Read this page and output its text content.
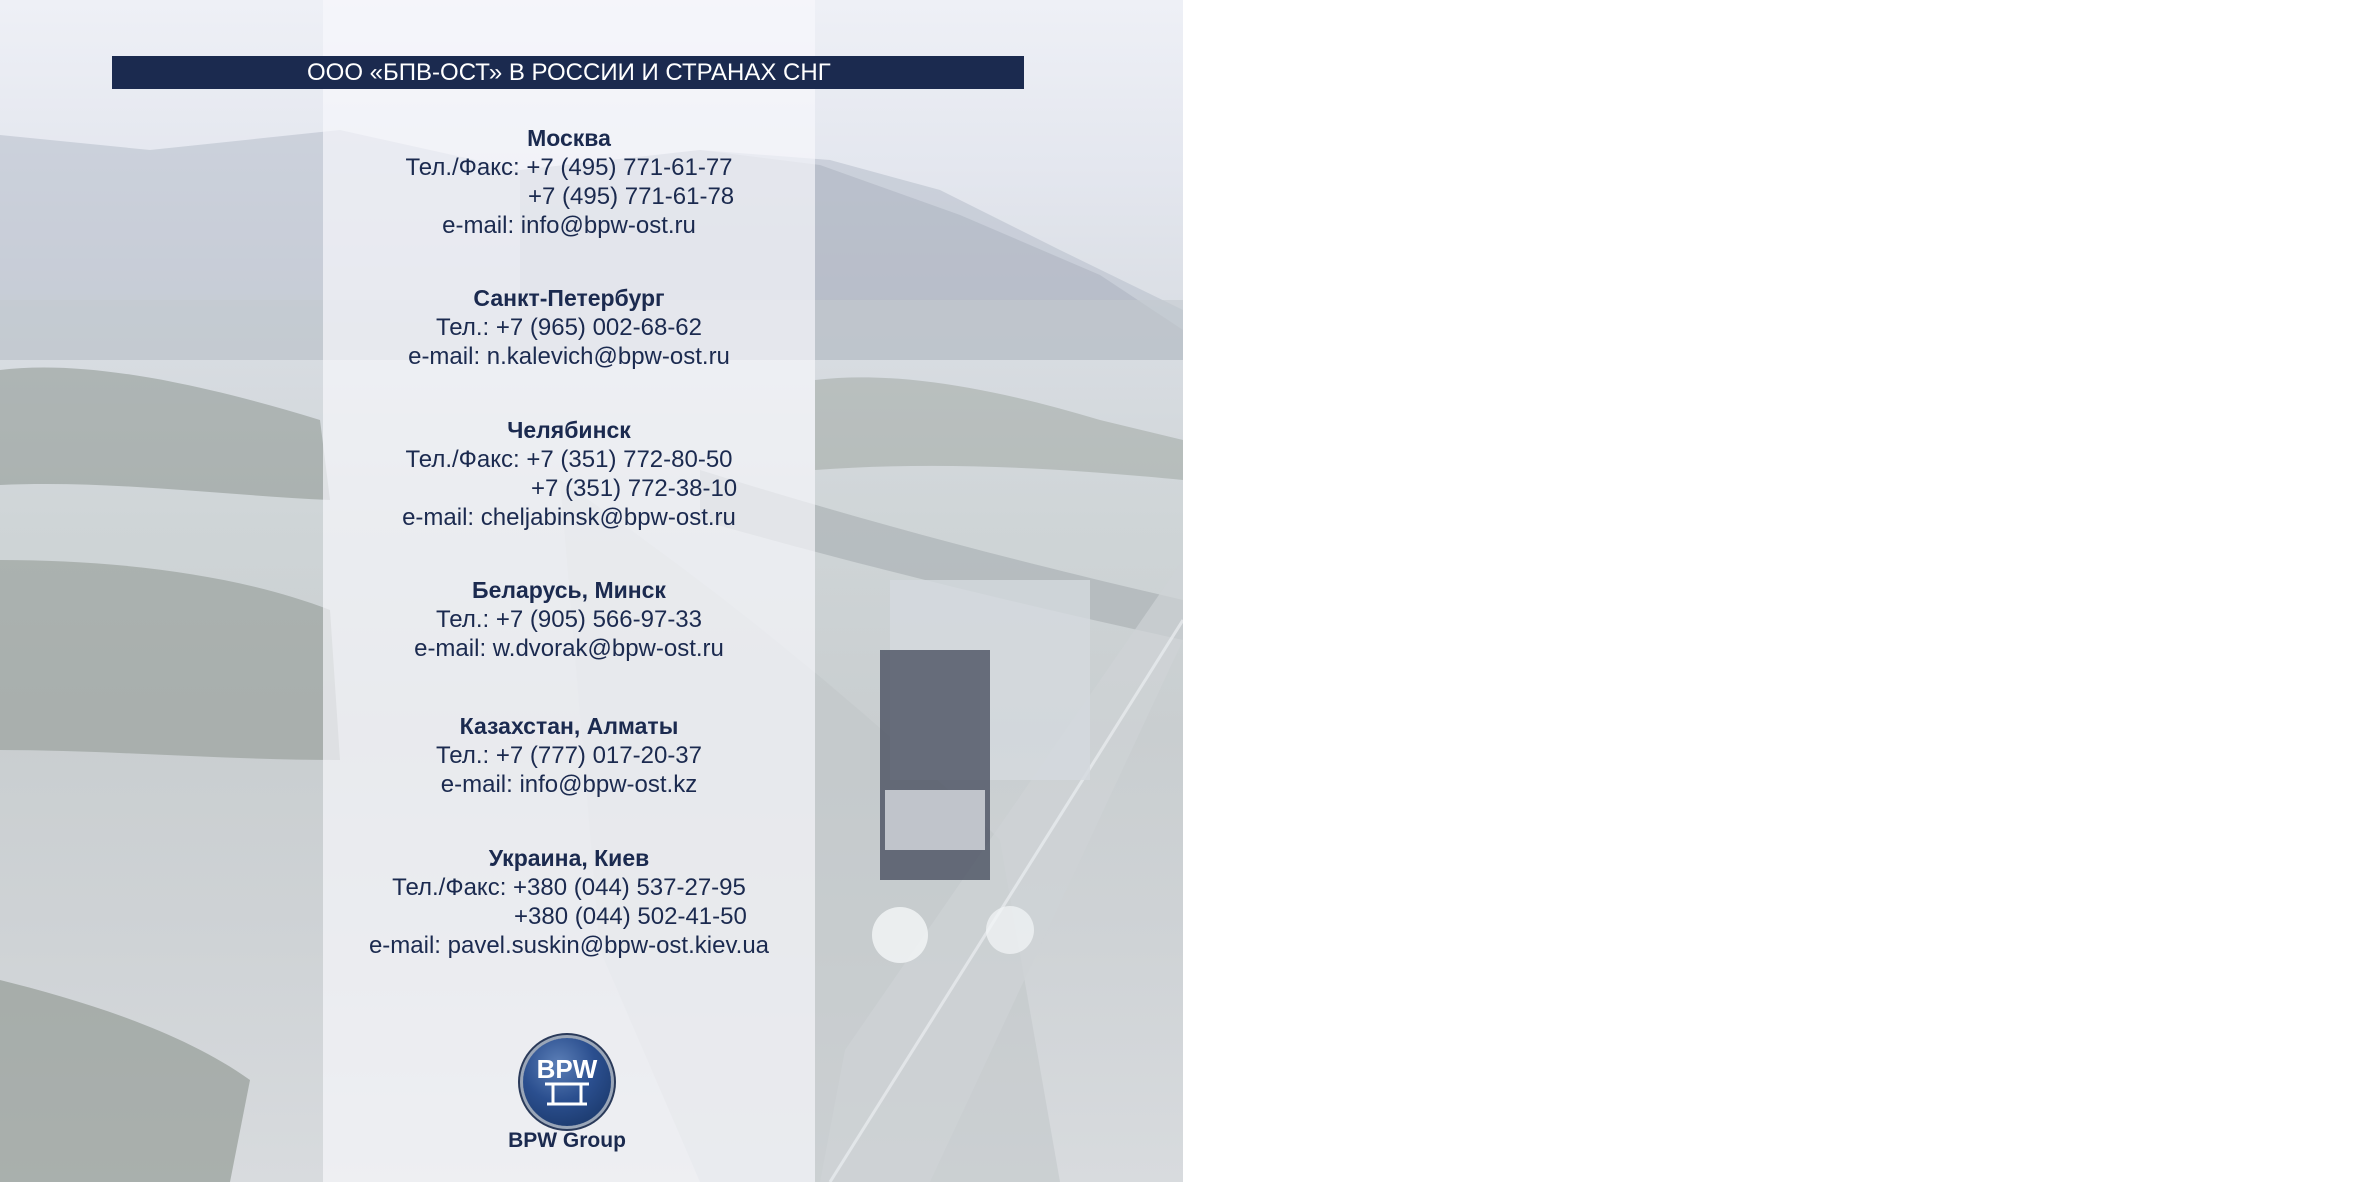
ООО «БПВ-ОСТ» В РОССИИ И СТРАНАХ СНГ
Москва
Тел./Факс: +7 (495) 771-61-77
+7 (495) 771-61-78
e-mail: info@bpw-ost.ru
Санкт-Петербург
Тел.: +7 (965) 002-68-62
e-mail: n.kalevich@bpw-ost.ru
Челябинск
Тел./Факс: +7 (351) 772-80-50
+7 (351) 772-38-10
e-mail: cheljabinsk@bpw-ost.ru
Беларусь, Минск
Тел.: +7 (905) 566-97-33
e-mail: w.dvorak@bpw-ost.ru
Казахстан, Алматы
Тел.: +7 (777) 017-20-37
e-mail: info@bpw-ost.kz
Украина, Киев
Тел./Факс: +380 (044) 537-27-95
+380 (044) 502-41-50
e-mail: pavel.suskin@bpw-ost.kiev.ua
BPW
BPW Group
